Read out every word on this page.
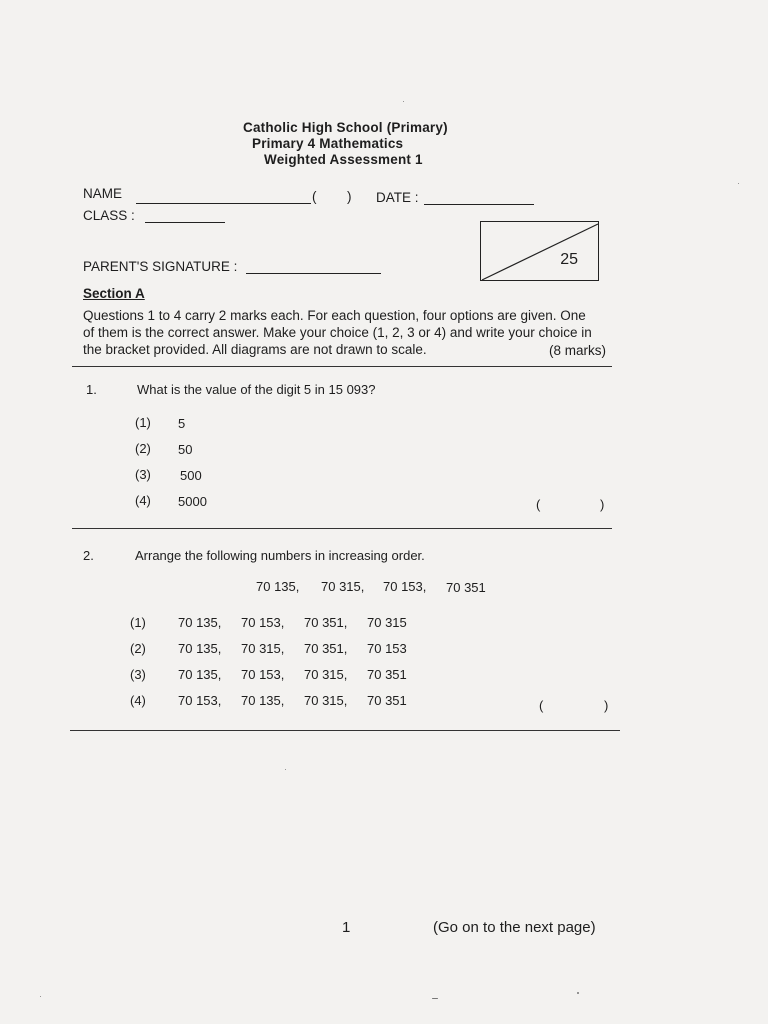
Catholic High School (Primary)
Primary 4 Mathematics
Weighted Assessment 1
NAME	( ) DATE :
CLASS :
25
PARENT'S SIGNATURE :
Section A
Questions 1 to 4 carry 2 marks each. For each question, four options are given. One
of them is the correct answer. Make your choice (1, 2, 3 or 4) and write your choice in
the bracket provided. All diagrams are not drawn to scale.	(8 marks)
1.	What is the value of the digit 5 in 15 093?
(1) 5
(2) 50
(3) 500
(4) 5000	(	)
2.	Arrange the following numbers in increasing order.
70 135, 70 315, 70 153, 70 351
(1) 70 135, 70 153, 70 351, 70 315
(2) 70 135, 70 315, 70 351, 70 153
(3) 70 135, 70 153, 70 315, 70 351
(4) 70 153, 70 135, 70 315, 70 351	(	)
1	(Go on to the next page)
